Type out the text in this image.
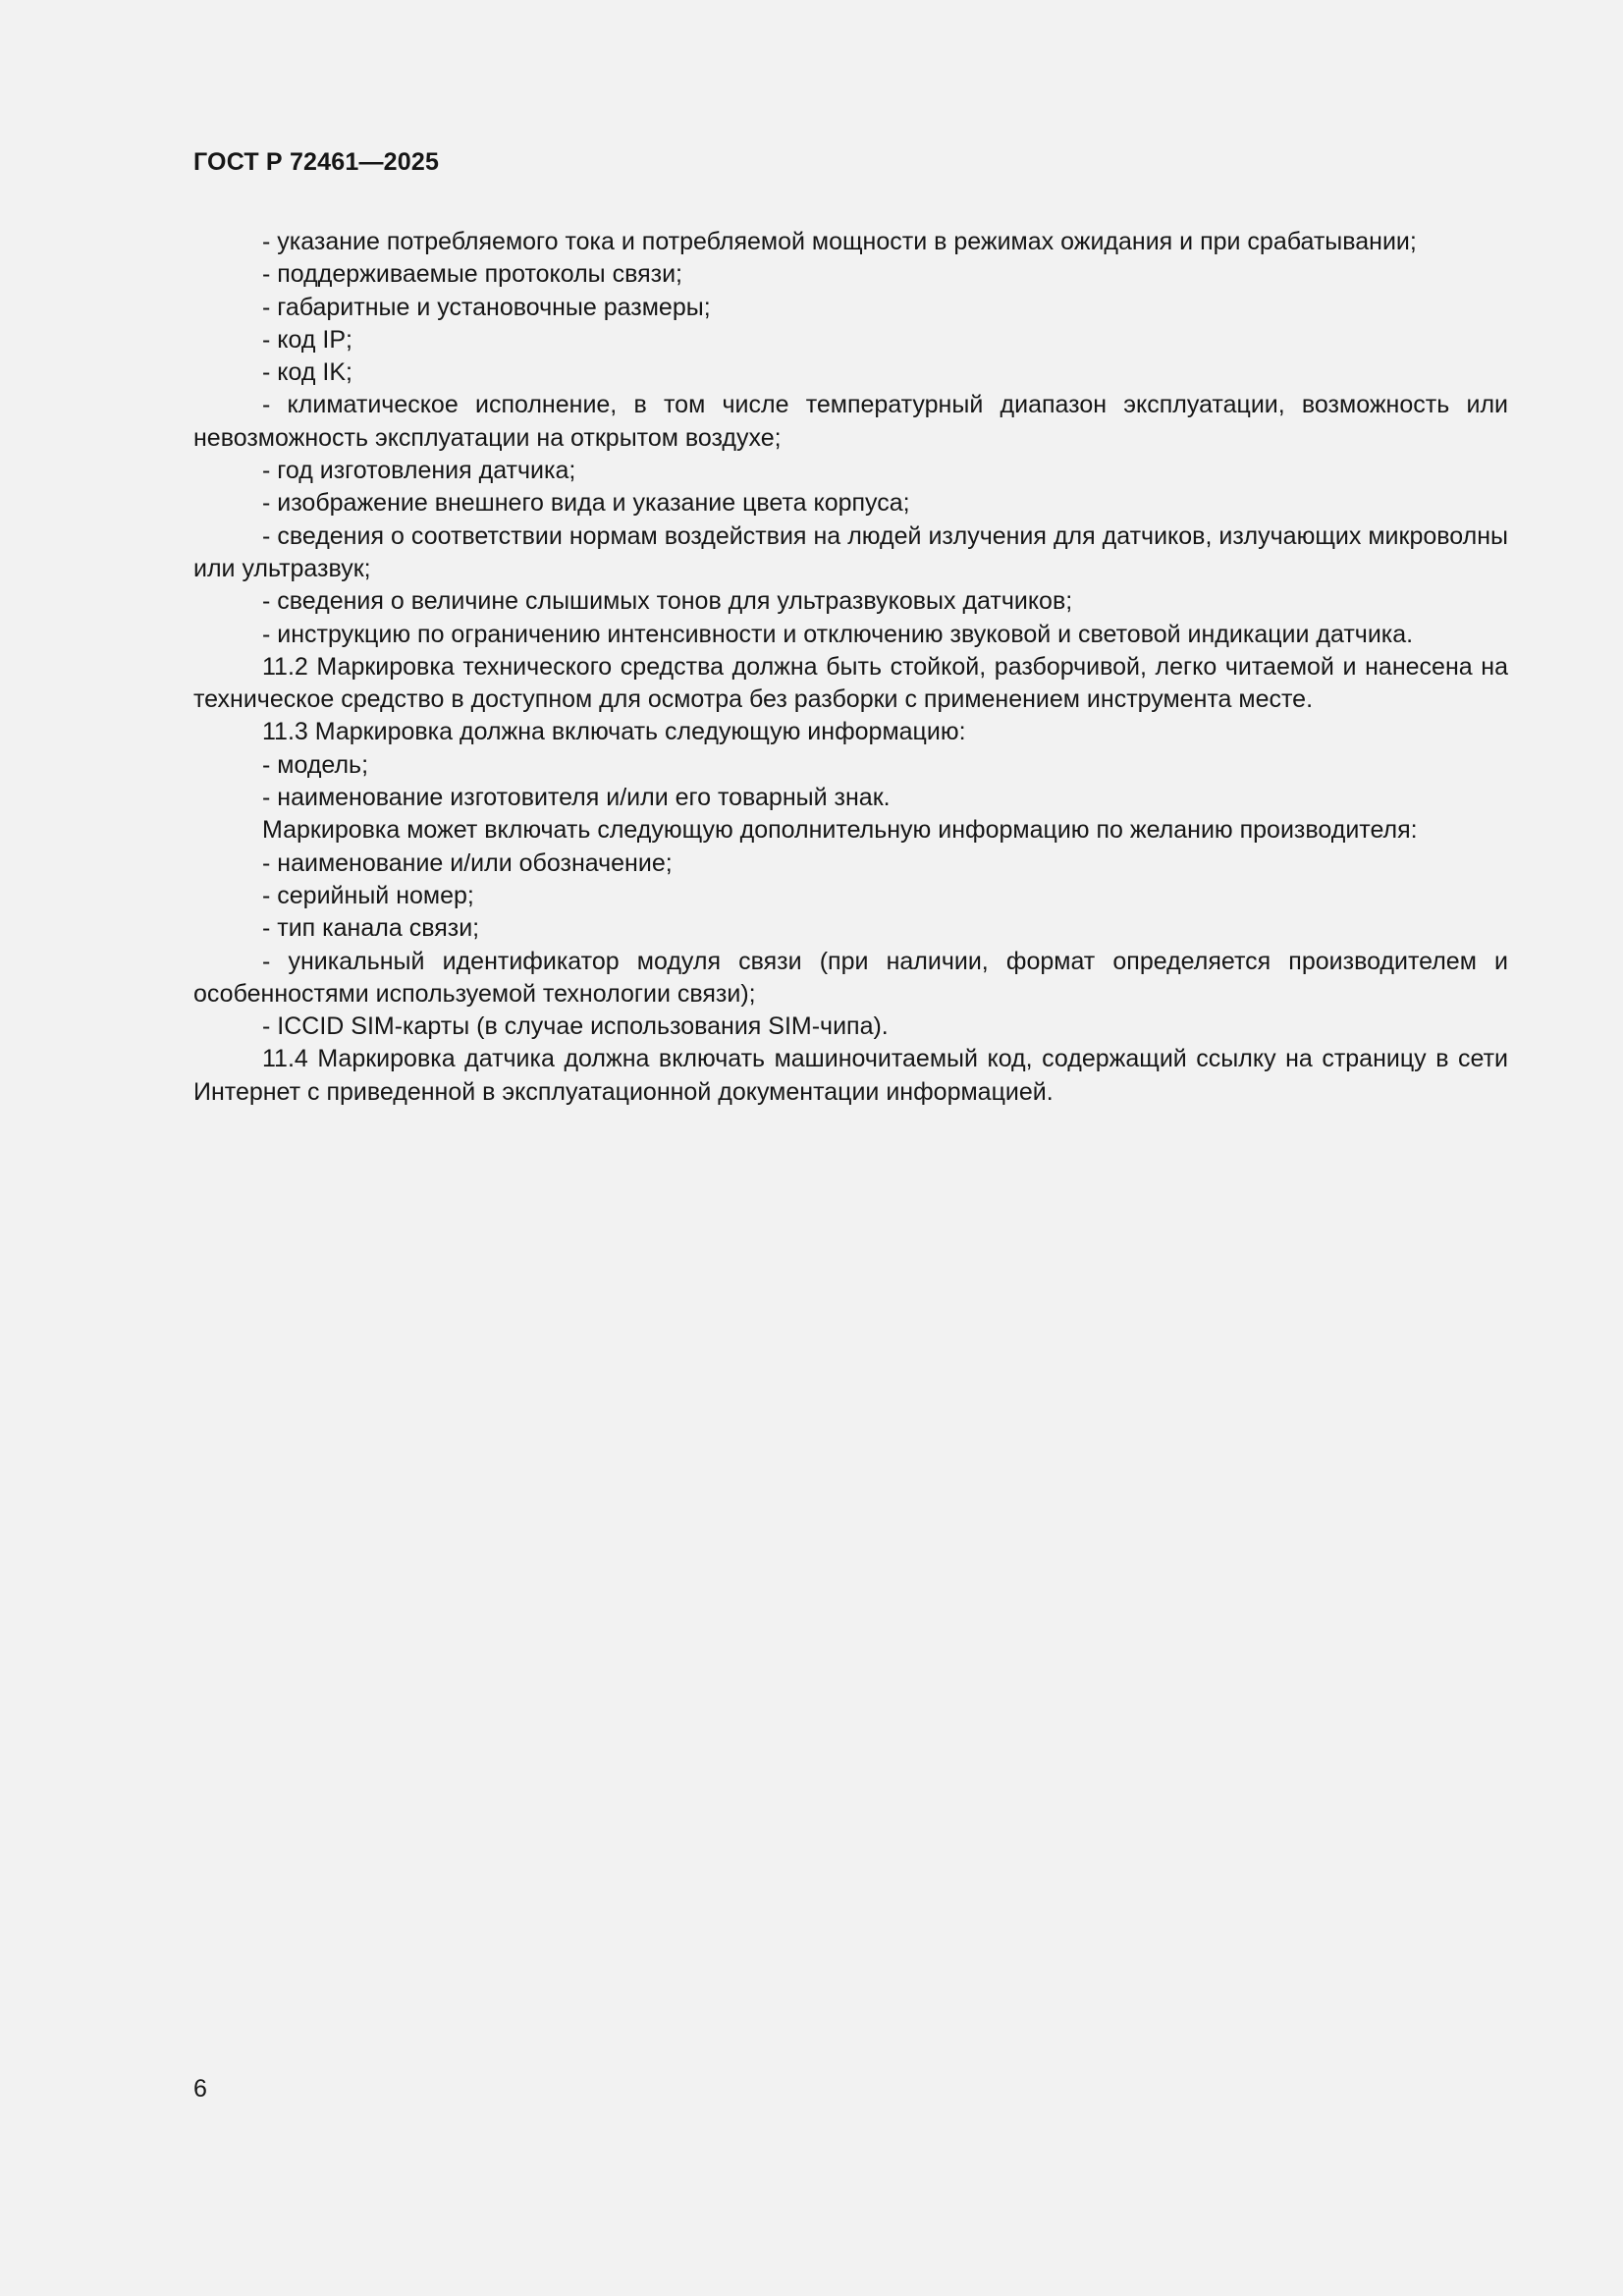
ГОСТ Р 72461—2025

- указание потребляемого тока и потребляемой мощности в режимах ожидания и при срабатывании;

- поддерживаемые протоколы связи;

- габаритные и установочные размеры;

- код IP;

- код IK;

- климатическое исполнение, в том числе температурный диапазон эксплуатации, возможность или невозможность эксплуатации на открытом воздухе;

- год изготовления датчика;

- изображение внешнего вида и указание цвета корпуса;

- сведения о соответствии нормам воздействия на людей излучения для датчиков, излучающих микроволны или ультразвук;

- сведения о величине слышимых тонов для ультразвуковых датчиков;

- инструкцию по ограничению интенсивности и отключению звуковой и световой индикации датчика.

11.2 Маркировка технического средства должна быть стойкой, разборчивой, легко читаемой и нанесена на техническое средство в доступном для осмотра без разборки с применением инструмента месте.

11.3 Маркировка должна включать следующую информацию:

- модель;

- наименование изготовителя и/или его товарный знак.

Маркировка может включать следующую дополнительную информацию по желанию производителя:

- наименование и/или обозначение;

- серийный номер;

- тип канала связи;

- уникальный идентификатор модуля связи (при наличии, формат определяется производителем и особенностями используемой технологии связи);

- ICCID SIM-карты (в случае использования SIM-чипа).

11.4 Маркировка датчика должна включать машиночитаемый код, содержащий ссылку на страницу в сети Интернет с приведенной в эксплуатационной документации информацией.

6
